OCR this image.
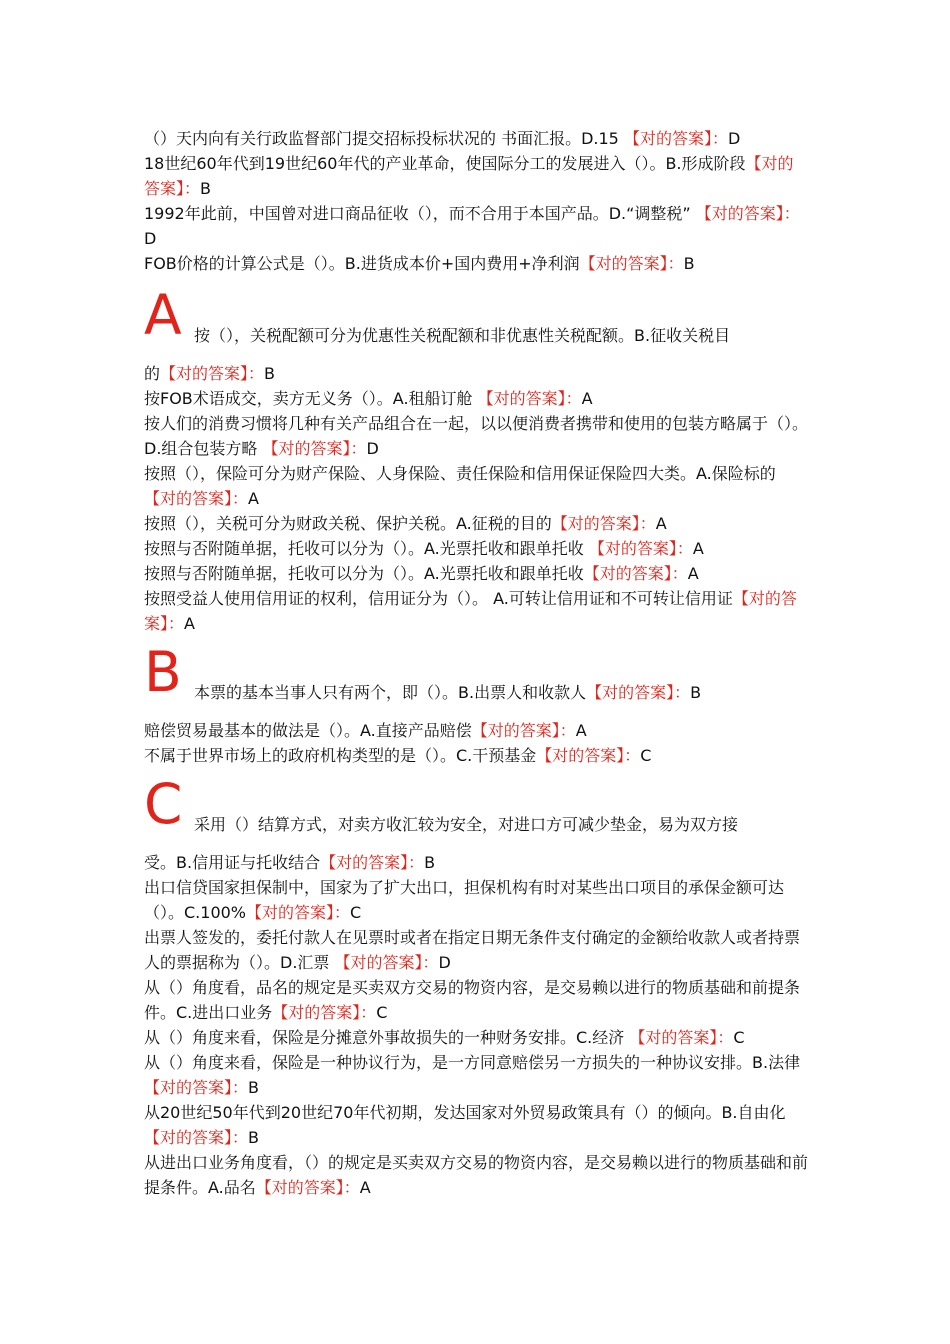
（）天内向有关行政监督部门提交招标投标状况的 书面汇报。D.15 【对的答案】：D

18世纪60年代到19世纪60年代的产业革命，使国际分工的发展进入（）。B.形成阶段【对的答案】：B

1992年此前，中国曾对进口商品征收（），而不合用于本国产品。D.“调整税” 【对的答案】：D

FOB价格的计算公式是（）。B.进货成本价+国内费用+净利润【对的答案】：B

A 按（），关税配额可分为优惠性关税配额和非优惠性关税配额。B.征收关税目

的【对的答案】：B

按FOB术语成交，卖方无义务（）。A.租船订舱 【对的答案】：A

按人们的消费习惯将几种有关产品组合在一起，以以便消费者携带和使用的包装方略属于（）。D.组合包装方略 【对的答案】：D

按照（），保险可分为财产保险、人身保险、责任保险和信用保证保险四大类。A.保险标的 【对的答案】：A

按照（），关税可分为财政关税、保护关税。A.征税的目的【对的答案】：A

按照与否附随单据，托收可以分为（）。A.光票托收和跟单托收 【对的答案】：A

按照与否附随单据，托收可以分为（）。A.光票托收和跟单托收【对的答案】：A

按照受益人使用信用证的权利，信用证分为（）。 A.可转让信用证和不可转让信用证【对的答案】：A

B 本票的基本当事人只有两个，即（）。B.出票人和收款人【对的答案】：B

赔偿贸易最基本的做法是（）。A.直接产品赔偿【对的答案】：A

不属于世界市场上的政府机构类型的是（）。C.干预基金【对的答案】：C

C 采用（）结算方式，对卖方收汇较为安全，对进口方可减少垫金，易为双方接

受。B.信用证与托收结合【对的答案】：B

出口信贷国家担保制中，国家为了扩大出口，担保机构有时对某些出口项目的承保金额可达（）。C.100%【对的答案】：C

出票人签发的，委托付款人在见票时或者在指定日期无条件支付确定的金额给收款人或者持票人的票据称为（）。D.汇票 【对的答案】：D

从（）角度看，品名的规定是买卖双方交易的物资内容，是交易赖以进行的物质基础和前提条件。C.进出口业务【对的答案】：C

从（）角度来看，保险是分摊意外事故损失的一种财务安排。C.经济 【对的答案】：C

从（）角度来看，保险是一种协议行为，是一方同意赔偿另一方损失的一种协议安排。B.法律【对的答案】：B

从20世纪50年代到20世纪70年代初期，发达国家对外贸易政策具有（）的倾向。B.自由化【对的答案】：B

从进出口业务角度看，（）的规定是买卖双方交易的物资内容，是交易赖以进行的物质基础和前提条件。A.品名【对的答案】：A
